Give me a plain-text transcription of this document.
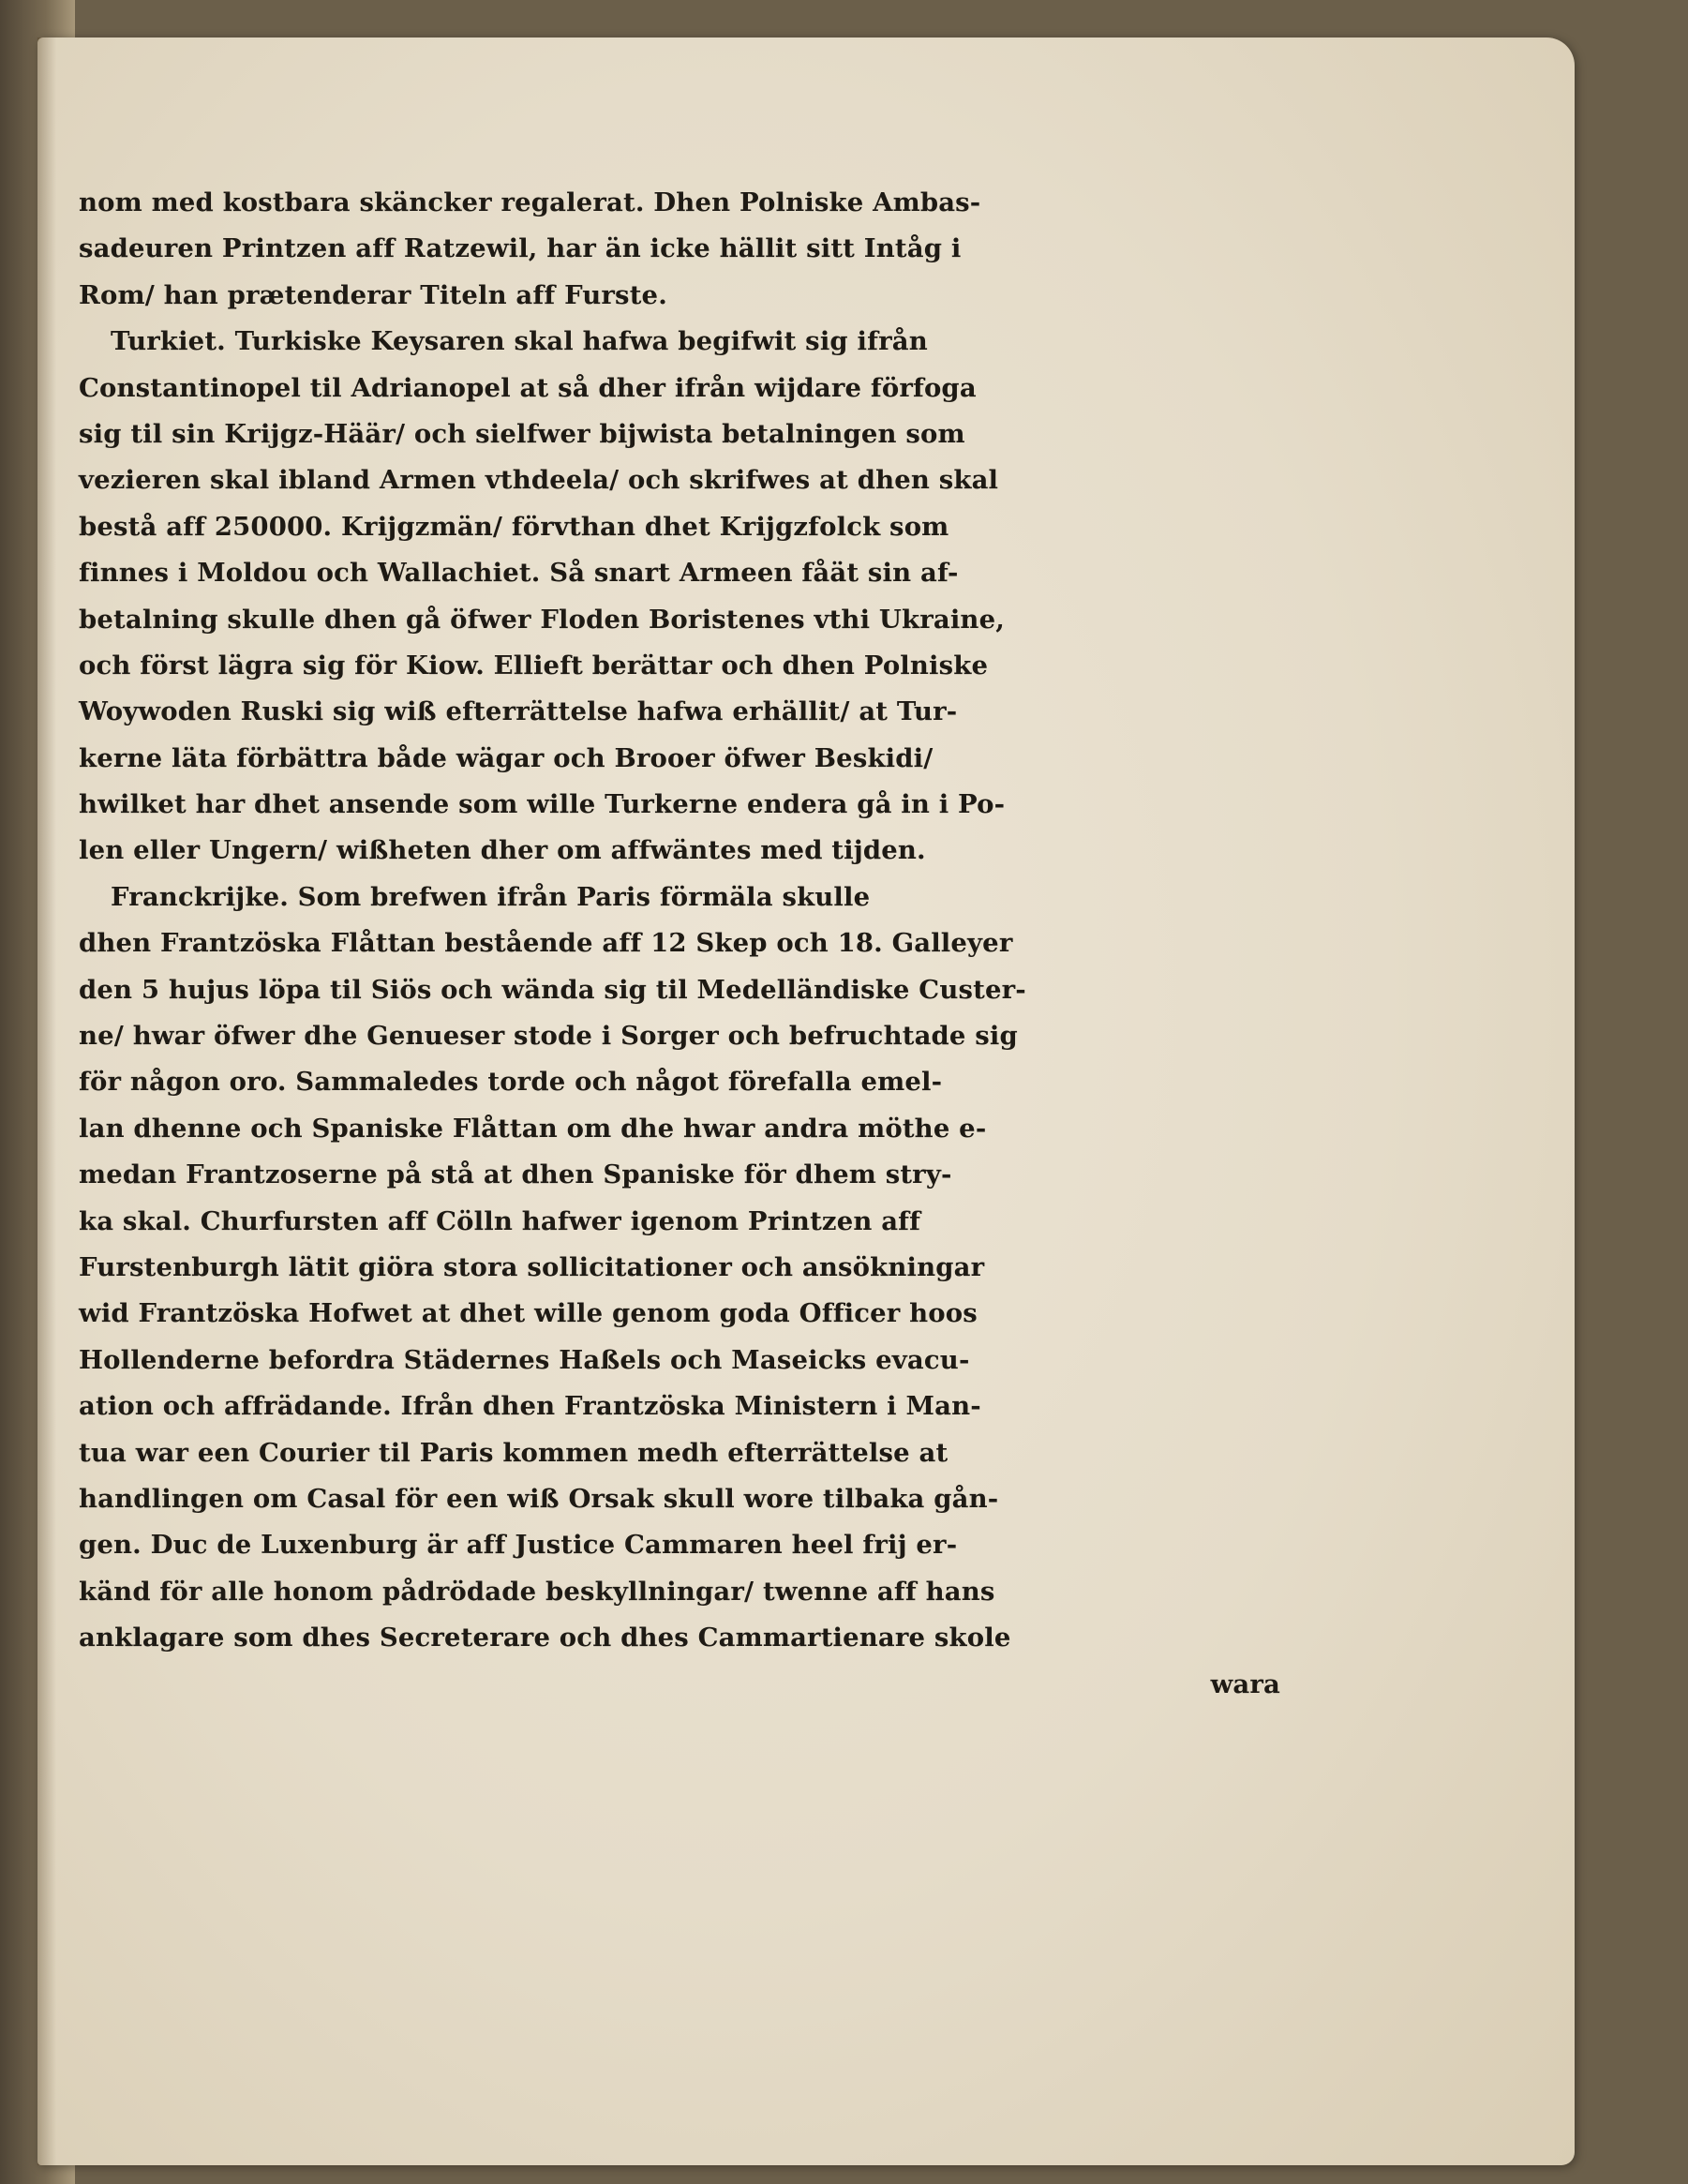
nom med kostbara skäncker regalerat. Dhen Polniske Ambas-
sadeuren Printzen aff Ratzewil, har än icke hällit sitt Intåg i
Rom/ han prætenderar Titeln aff Furste.
Turkiet. Turkiske Keysaren skal hafwa begifwit sig ifrån
Constantinopel til Adrianopel at så dher ifrån wijdare förfoga
sig til sin Krijgz-Häär/ och sielfwer bijwista betalningen som
vezieren skal ibland Armen vthdeela/ och skrifwes at dhen skal
bestå aff 250000. Krijgzmän/ förvthan dhet Krijgzfolck som
finnes i Moldou och Wallachiet. Så snart Armeen fåät sin af-
betalning skulle dhen gå öfwer Floden Boristenes vthi Ukraine,
och först lägra sig för Kiow. Ellieft berättar och dhen Polniske
Woywoden Ruski sig wiß efterrättelse hafwa erhällit/ at Tur-
kerne läta förbättra både wägar och Brooer öfwer Beskidi/
hwilket har dhet ansende som wille Turkerne endera gå in i Po-
len eller Ungern/ wißheten dher om affwäntes med tijden.
Franckrijke. Som brefwen ifrån Paris förmäla skulle
dhen Frantzöska Flåttan bestående aff 12 Skep och 18. Galleyer
den 5 hujus löpa til Siös och wända sig til Medelländiske Custer-
ne/ hwar öfwer dhe Genueser stode i Sorger och befruchtade sig
för någon oro. Sammaledes torde och något förefalla emel-
lan dhenne och Spaniske Flåttan om dhe hwar andra möthe e-
medan Frantzoserne på stå at dhen Spaniske för dhem stry-
ka skal. Churfursten aff Cölln hafwer igenom Printzen aff
Furstenburgh lätit giöra stora sollicitationer och ansökningar
wid Frantzöska Hofwet at dhet wille genom goda Officer hoos
Hollenderne befordra Städernes Haßels och Maseicks evacu-
ation och affrädande. Ifrån dhen Frantzöska Ministern i Man-
tua war een Courier til Paris kommen medh efterrättelse at
handlingen om Casal för een wiß Orsak skull wore tilbaka gån-
gen. Duc de Luxenburg är aff Justice Cammaren heel frij er-
känd för alle honom pådrödade beskyllningar/ twenne aff hans
anklagare som dhes Secreterare och dhes Cammartienare skole
wara
